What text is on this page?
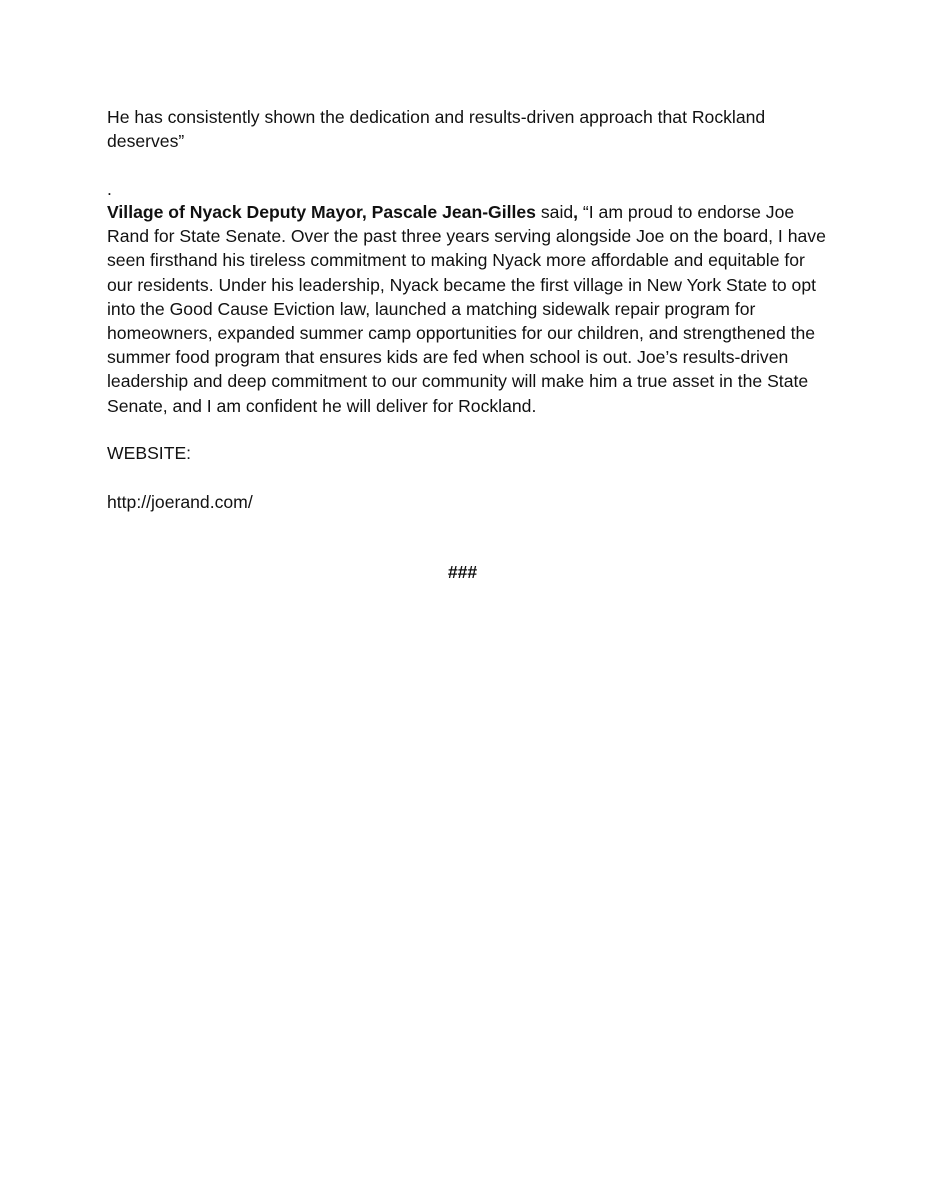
He has consistently shown the dedication and results-driven approach that Rockland deserves”

.

Village of Nyack Deputy Mayor, Pascale Jean-Gilles said, “I am proud to endorse Joe Rand for State Senate. Over the past three years serving alongside Joe on the board, I have seen firsthand his tireless commitment to making Nyack more affordable and equitable for our residents. Under his leadership, Nyack became the first village in New York State to opt into the Good Cause Eviction law, launched a matching sidewalk repair program for homeowners, expanded summer camp opportunities for our children, and strengthened the summer food program that ensures kids are fed when school is out. Joe’s results-driven leadership and deep commitment to our community will make him a true asset in the State Senate, and I am confident he will deliver for Rockland.

WEBSITE:

http://joerand.com/

###
